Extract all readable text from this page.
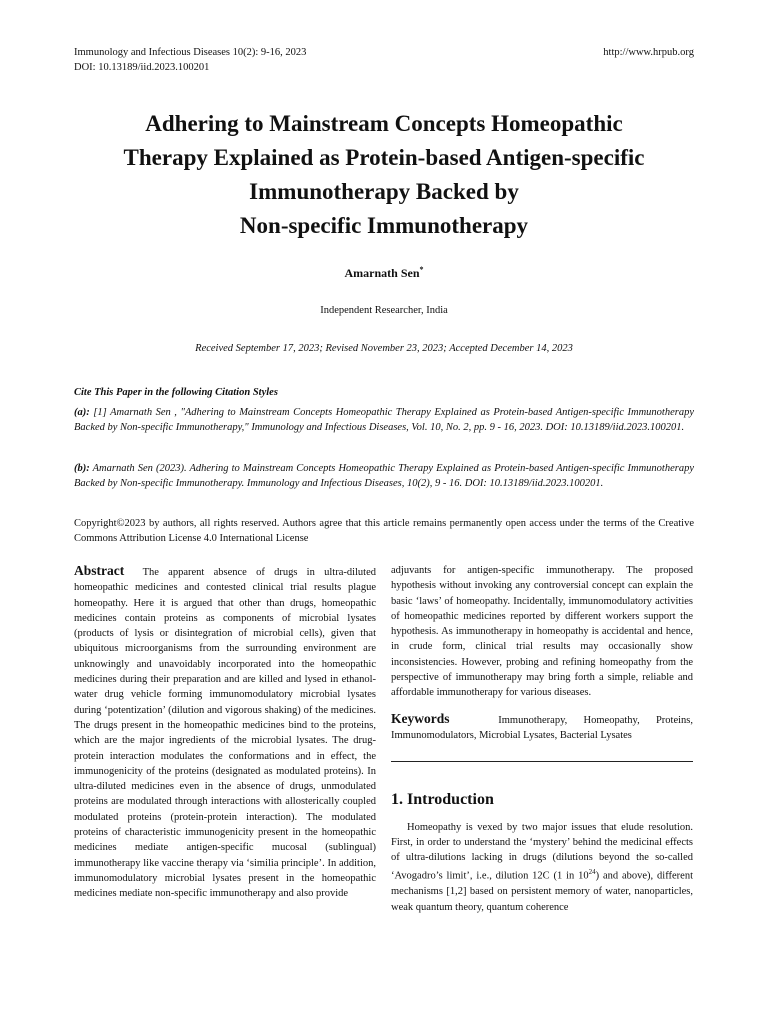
Immunology and Infectious Diseases 10(2): 9-16, 2023
DOI: 10.13189/iid.2023.100201
http://www.hrpub.org
Adhering to Mainstream Concepts Homeopathic
Therapy Explained as Protein-based Antigen-specific
Immunotherapy Backed by
Non-specific Immunotherapy
Amarnath Sen*
Independent Researcher, India
Received September 17, 2023; Revised November 23, 2023; Accepted December 14, 2023
Cite This Paper in the following Citation Styles
(a): [1] Amarnath Sen , "Adhering to Mainstream Concepts Homeopathic Therapy Explained as Protein-based Antigen-specific Immunotherapy Backed by Non-specific Immunotherapy," Immunology and Infectious Diseases, Vol. 10, No. 2, pp. 9 - 16, 2023. DOI: 10.13189/iid.2023.100201.
(b): Amarnath Sen (2023). Adhering to Mainstream Concepts Homeopathic Therapy Explained as Protein-based Antigen-specific Immunotherapy Backed by Non-specific Immunotherapy. Immunology and Infectious Diseases, 10(2), 9 - 16. DOI: 10.13189/iid.2023.100201.
Copyright©2023 by authors, all rights reserved. Authors agree that this article remains permanently open access under the terms of the Creative Commons Attribution License 4.0 International License
Abstract The apparent absence of drugs in ultra-diluted homeopathic medicines and contested clinical trial results plague homeopathy. Here it is argued that other than drugs, homeopathic medicines contain proteins as components of microbial lysates (products of lysis or disintegration of microbial cells), given that ubiquitous microorganisms from the surrounding environment are unknowingly and unavoidably incorporated into the homeopathic medicines during their preparation and are killed and lysed in ethanol-water drug vehicle forming immunomodulatory microbial lysates during ‘potentization’ (dilution and vigorous shaking) of the medicines. The drugs present in the homeopathic medicines bind to the proteins, which are the major ingredients of the microbial lysates. The drug-protein interaction modulates the conformations and in effect, the immunogenicity of the proteins (designated as modulated proteins). In ultra-diluted medicines even in the absence of drugs, unmodulated proteins are modulated through interactions with allosterically coupled modulated proteins (protein-protein interaction). The modulated proteins of characteristic immunogenicity present in the homeopathic medicines mediate antigen-specific mucosal (sublingual) immunotherapy like vaccine therapy via ‘similia principle’. In addition, immunomodulatory microbial lysates present in the homeopathic medicines mediate non-specific immunotherapy and also provide
adjuvants for antigen-specific immunotherapy. The proposed hypothesis without invoking any controversial concept can explain the basic ‘laws’ of homeopathy. Incidentally, immunomodulatory activities of homeopathic medicines reported by different workers support the hypothesis. As immunotherapy in homeopathy is accidental and hence, in crude form, clinical trial results may occasionally show inconsistencies. However, probing and refining homeopathy from the perspective of immunotherapy may bring forth a simple, reliable and affordable immunotherapy for various diseases.
Keywords	Immunotherapy, Homeopathy, Proteins, Immunomodulators, Microbial Lysates, Bacterial Lysates
1. Introduction
Homeopathy is vexed by two major issues that elude resolution. First, in order to understand the ‘mystery’ behind the medicinal effects of ultra-dilutions lacking in drugs (dilutions beyond the so-called ‘Avogadro’s limit’, i.e., dilution 12C (1 in $10^{24}$) and above), different mechanisms [1,2] based on persistent memory of water, nanoparticles, weak quantum theory, quantum coherence
